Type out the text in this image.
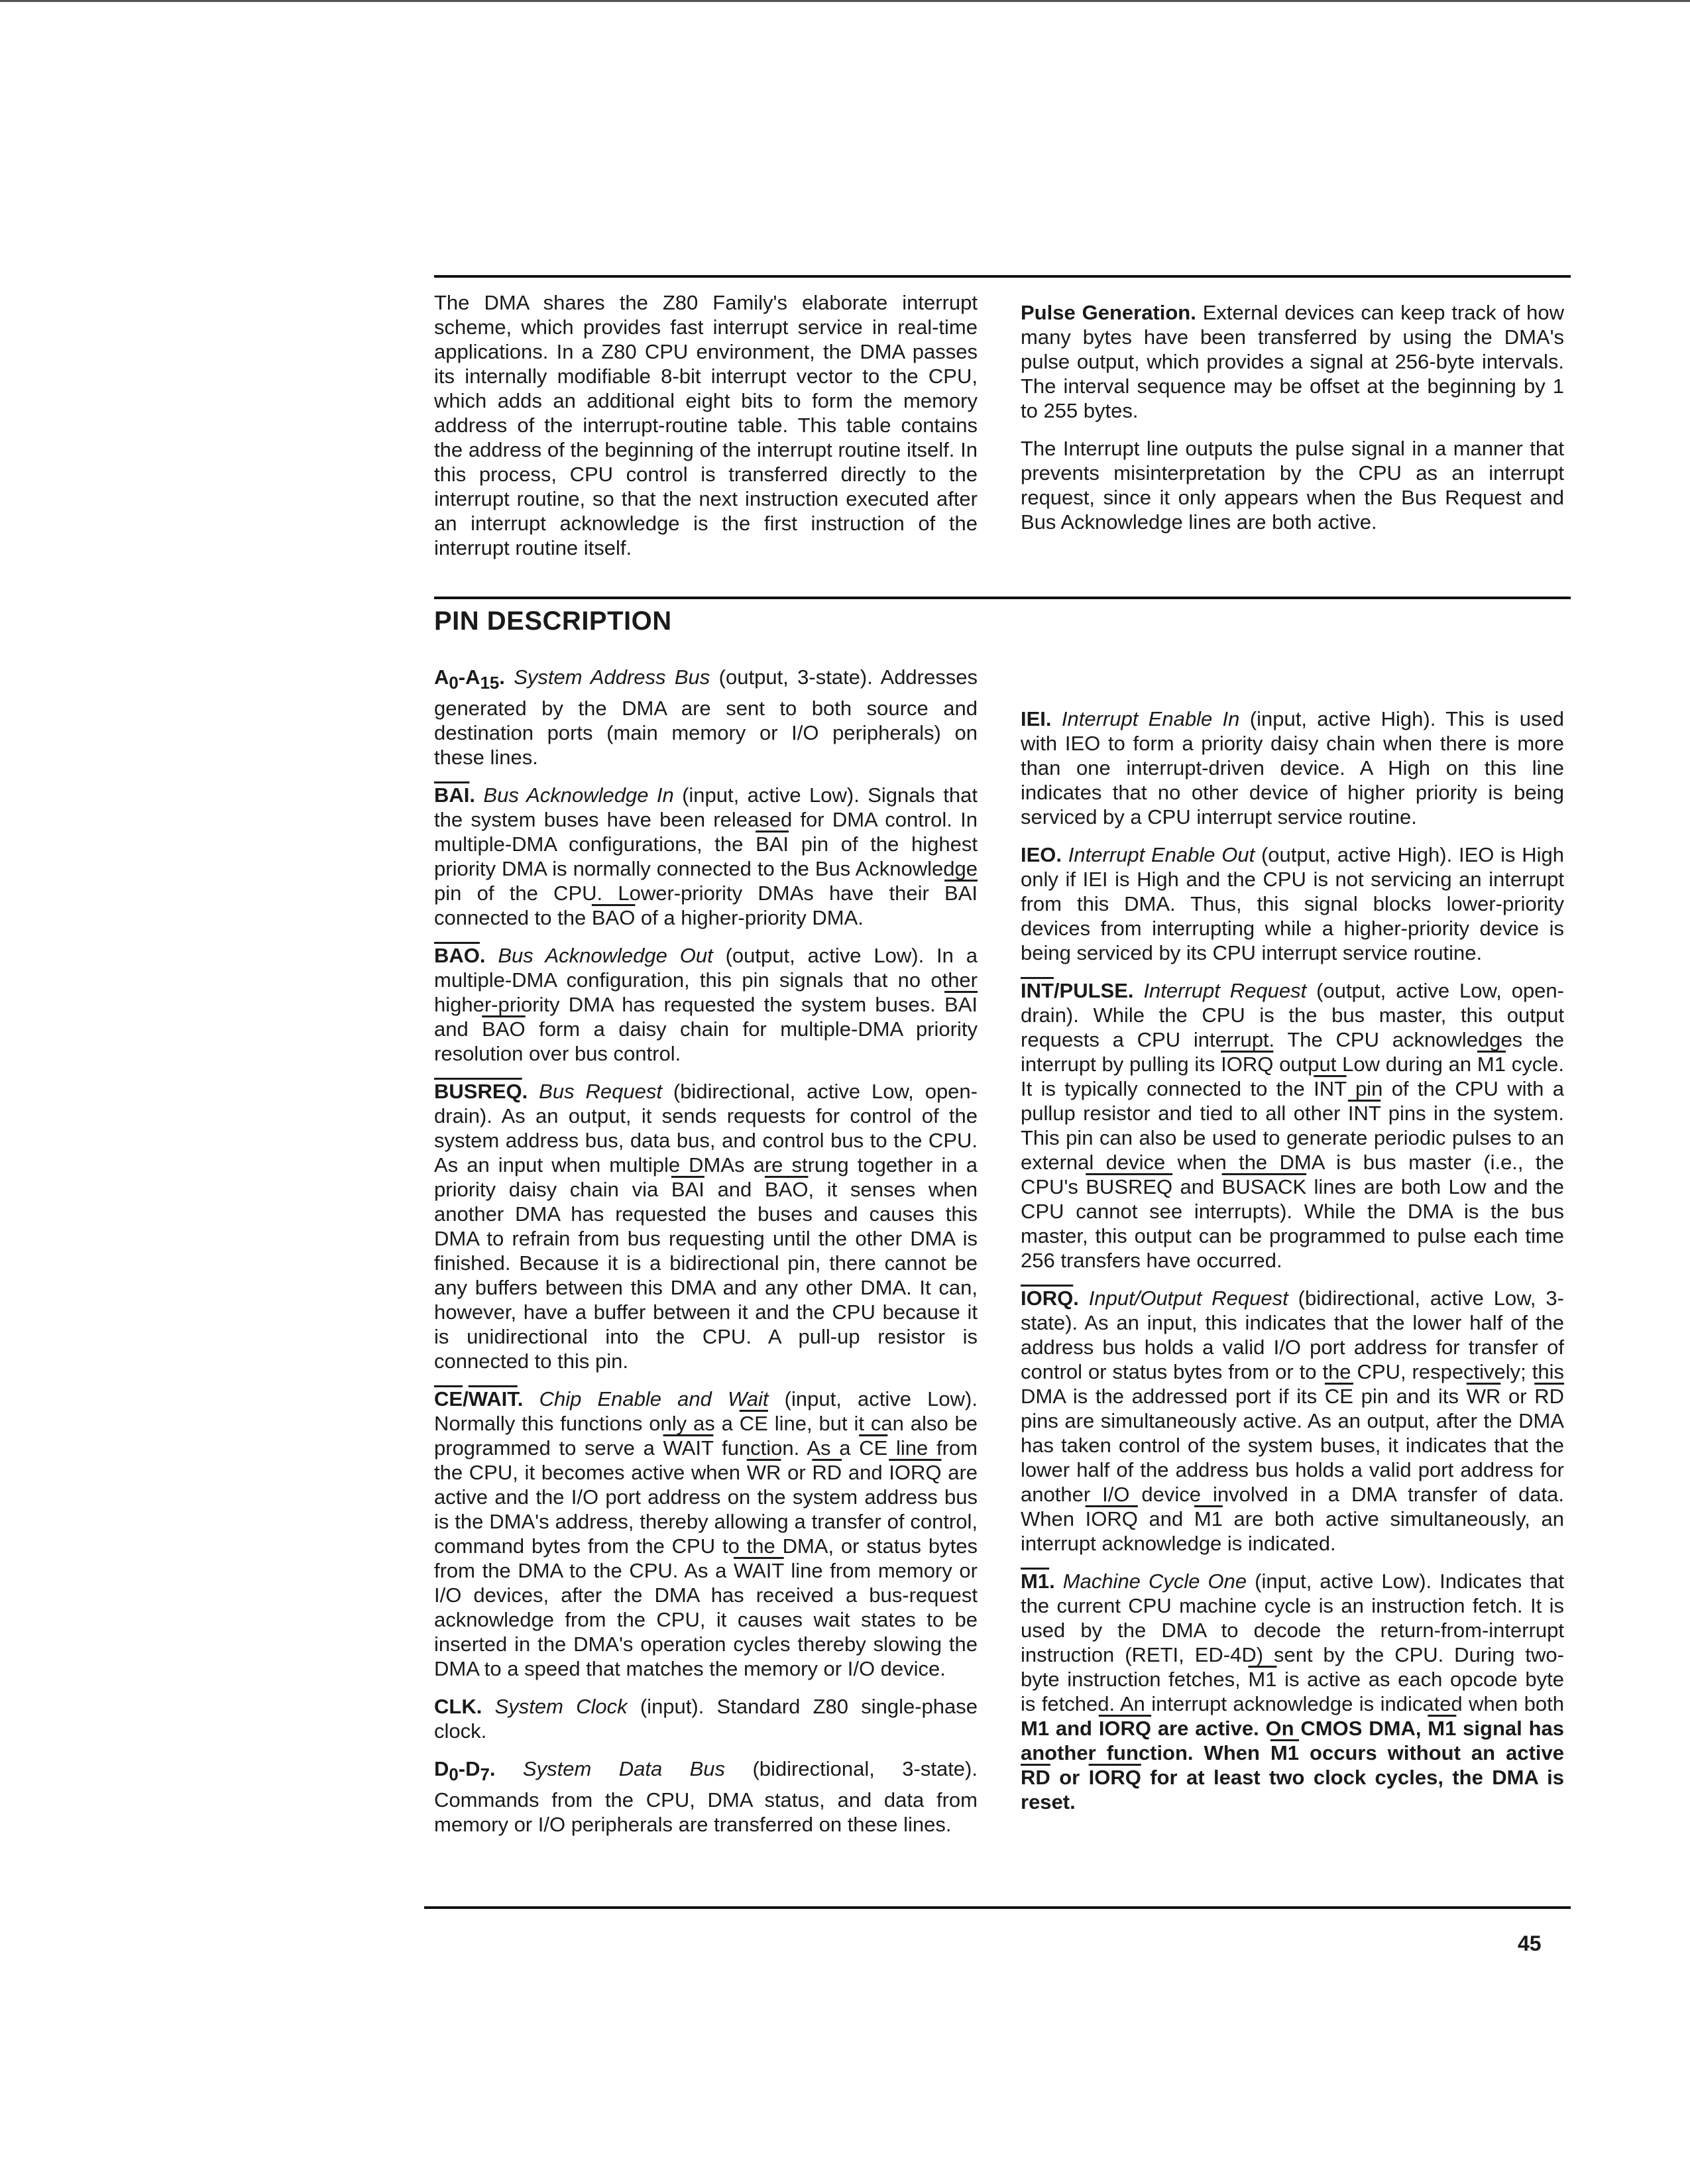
The DMA shares the Z80 Family's elaborate interrupt scheme, which provides fast interrupt service in real-time applications. In a Z80 CPU environment, the DMA passes its internally modifiable 8-bit interrupt vector to the CPU, which adds an additional eight bits to form the memory address of the interrupt-routine table. This table contains the address of the beginning of the interrupt routine itself. In this process, CPU control is transferred directly to the interrupt routine, so that the next instruction executed after an interrupt acknowledge is the first instruction of the interrupt routine itself.

Pulse Generation. External devices can keep track of how many bytes have been transferred by using the DMA's pulse output, which provides a signal at 256-byte intervals. The interval sequence may be offset at the beginning by 1 to 255 bytes.

The Interrupt line outputs the pulse signal in a manner that prevents misinterpretation by the CPU as an interrupt request, since it only appears when the Bus Request and Bus Acknowledge lines are both active.

PIN DESCRIPTION

$A_0-A_{15}$. System Address Bus (output, 3-state). Addresses generated by the DMA are sent to both source and destination ports (main memory or I/O peripherals) on these lines.

$\overline{BAI}$. Bus Acknowledge In (input, active Low). Signals that the system buses have been released for DMA control. In multiple-DMA configurations, the $\overline{BAI}$ pin of the highest priority DMA is normally connected to the Bus Acknowledge pin of the CPU. Lower-priority DMAs have their $\overline{BAI}$ connected to the $\overline{BAO}$ of a higher-priority DMA.

$\overline{BAO}$. Bus Acknowledge Out (output, active Low). In a multiple-DMA configuration, this pin signals that no other higher-priority DMA has requested the system buses. $\overline{BAI}$ and $\overline{BAO}$ form a daisy chain for multiple-DMA priority resolution over bus control.

BUSREQ. Bus Request (bidirectional, active Low, open-drain). As an output, it sends requests for control of the system address bus, data bus, and control bus to the CPU. As an input when multiple DMAs are strung together in a priority daisy chain via $\overline{BAI}$ and $\overline{BAO}$, it senses when another DMA has requested the buses and causes this DMA to refrain from bus requesting until the other DMA is finished. Because it is a bidirectional pin, there cannot be any buffers between this DMA and any other DMA. It can, however, have a buffer between it and the CPU because it is unidirectional into the CPU. A pull-up resistor is connected to this pin.

$\overline{CE}$/WAIT. Chip Enable and Wait (input, active Low). Normally this functions only as a $\overline{CE}$ line, but it can also be programmed to serve a WAIT function. As a $\overline{CE}$ line from the CPU, it becomes active when $\overline{WR}$ or $\overline{RD}$ and IORQ are active and the I/O port address on the system address bus is the DMA's address, thereby allowing a transfer of control, command bytes from the CPU to the DMA, or status bytes from the DMA to the CPU. As a WAIT line from memory or I/O devices, after the DMA has received a bus-request acknowledge from the CPU, it causes wait states to be inserted in the DMA's operation cycles thereby slowing the DMA to a speed that matches the memory or I/O device.

CLK. System Clock (input). Standard Z80 single-phase clock.

$D_0-D_7$. System Data Bus (bidirectional, 3-state). Commands from the CPU, DMA status, and data from memory or I/O peripherals are transferred on these lines.

IEI. Interrupt Enable In (input, active High). This is used with IEO to form a priority daisy chain when there is more than one interrupt-driven device. A High on this line indicates that no other device of higher priority is being serviced by a CPU interrupt service routine.

IEO. Interrupt Enable Out (output, active High). IEO is High only if IEI is High and the CPU is not servicing an interrupt from this DMA. Thus, this signal blocks lower-priority devices from interrupting while a higher-priority device is being serviced by its CPU interrupt service routine.

$\overline{INT}$/PULSE. Interrupt Request (output, active Low, open-drain). While the CPU is the bus master, this output requests a CPU interrupt. The CPU acknowledges the interrupt by pulling its IORQ output Low during an M1 cycle. It is typically connected to the $\overline{INT}$ pin of the CPU with a pullup resistor and tied to all other $\overline{INT}$ pins in the system. This pin can also be used to generate periodic pulses to an external device when the DMA is bus master (i.e., the CPU's BUSREQ and BUSACK lines are both Low and the CPU cannot see interrupts). While the DMA is the bus master, this output can be programmed to pulse each time 256 transfers have occurred.

IORQ. Input/Output Request (bidirectional, active Low, 3-state). As an input, this indicates that the lower half of the address bus holds a valid I/O port address for transfer of control or status bytes from or to the CPU, respectively; this DMA is the addressed port if its $\overline{CE}$ pin and its $\overline{WR}$ or $\overline{RD}$ pins are simultaneously active. As an output, after the DMA has taken control of the system buses, it indicates that the lower half of the address bus holds a valid port address for another I/O device involved in a DMA transfer of data. When IORQ and M1 are both active simultaneously, an interrupt acknowledge is indicated.

M1. Machine Cycle One (input, active Low). Indicates that the current CPU machine cycle is an instruction fetch. It is used by the DMA to decode the return-from-interrupt instruction (RETI, ED-4D) sent by the CPU. During two-byte instruction fetches, M1 is active as each opcode byte is fetched. An interrupt acknowledge is indicated when both M1 and IORQ are active. On CMOS DMA, M1 signal has another function. When M1 occurs without an active $\overline{RD}$ or IORQ for at least two clock cycles, the DMA is reset.

45
